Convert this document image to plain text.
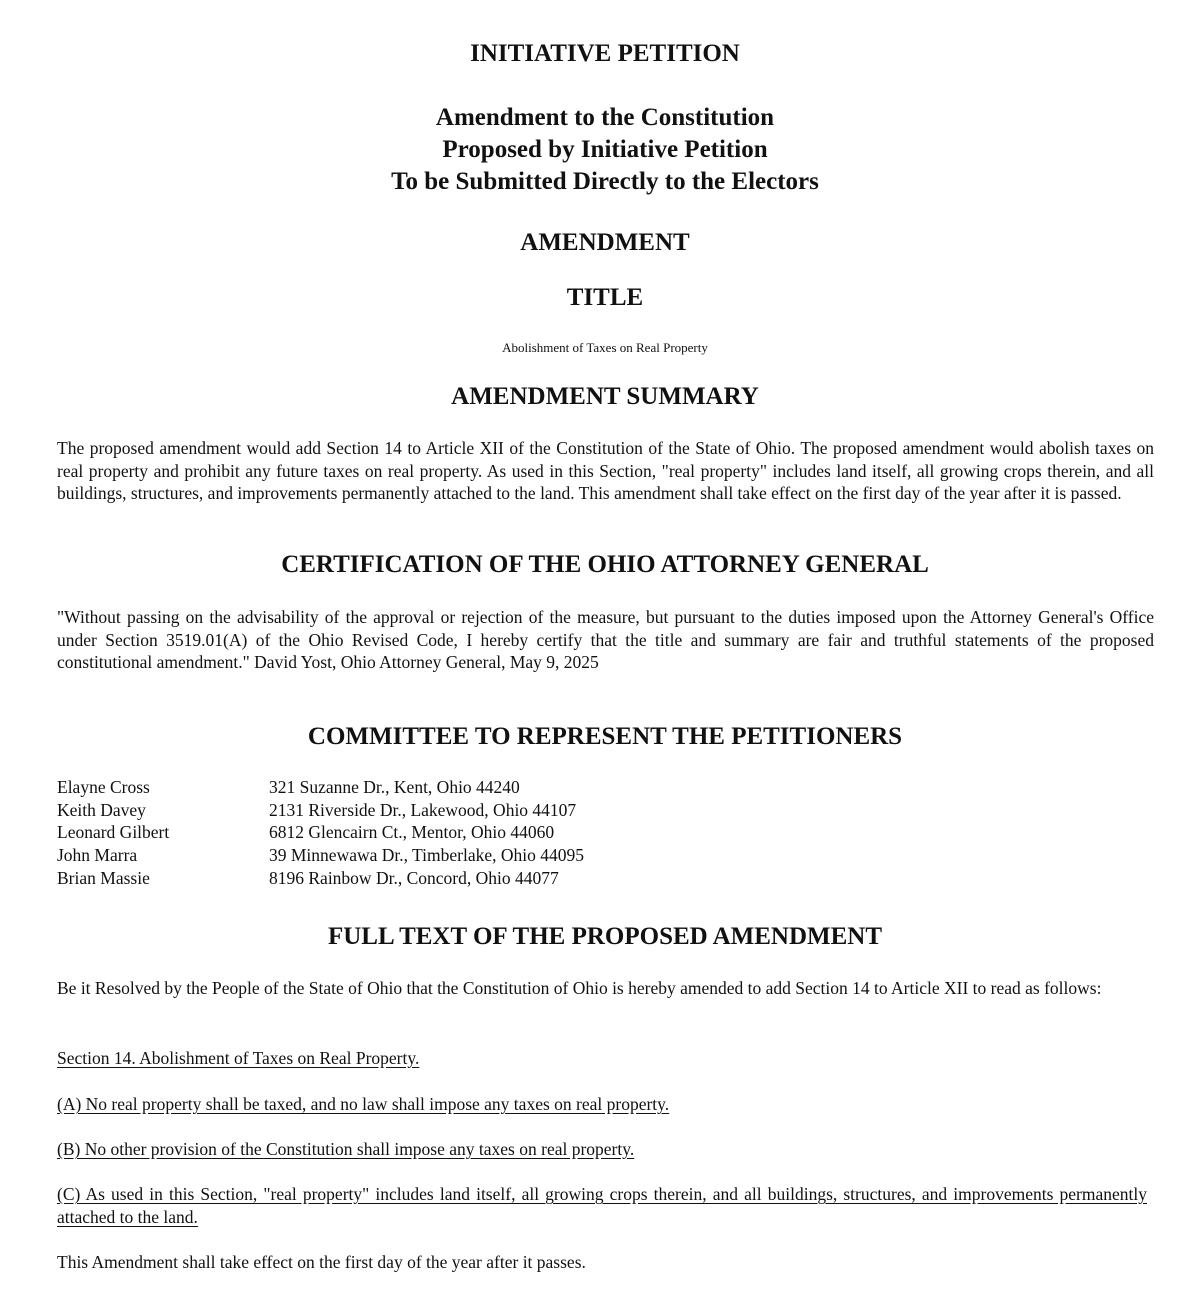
INITIATIVE PETITION
Amendment to the Constitution
Proposed by Initiative Petition
To be Submitted Directly to the Electors
AMENDMENT
TITLE
Abolishment of Taxes on Real Property
AMENDMENT SUMMARY

The proposed amendment would add Section 14 to Article XII of the Constitution of the State of Ohio. The proposed amendment would abolish taxes on real property and prohibit any future taxes on real property. As used in this Section, "real property" includes land itself, all growing crops therein, and all buildings, structures, and improvements permanently attached to the land. This amendment shall take effect on the first day of the year after it is passed.

CERTIFICATION OF THE OHIO ATTORNEY GENERAL

"Without passing on the advisability of the approval or rejection of the measure, but pursuant to the duties imposed upon the Attorney General's Office under Section 3519.01(A) of the Ohio Revised Code, I hereby certify that the title and summary are fair and truthful statements of the proposed constitutional amendment." David Yost, Ohio Attorney General, May 9, 2025

COMMITTEE TO REPRESENT THE PETITIONERS
Elayne Cross	321 Suzanne Dr., Kent, Ohio 44240
Keith Davey	2131 Riverside Dr., Lakewood, Ohio 44107
Leonard Gilbert	6812 Glencairn Ct., Mentor, Ohio 44060
John Marra	39 Minnewawa Dr., Timberlake, Ohio 44095
Brian Massie	8196 Rainbow Dr., Concord, Ohio 44077
FULL TEXT OF THE PROPOSED AMENDMENT

Be it Resolved by the People of the State of Ohio that the Constitution of Ohio is hereby amended to add Section 14 to Article XII to read as follows:

Section 14. Abolishment of Taxes on Real Property.

(A) No real property shall be taxed, and no law shall impose any taxes on real property.

(B) No other provision of the Constitution shall impose any taxes on real property.

(C) As used in this Section, "real property" includes land itself, all growing crops therein, and all buildings, structures, and improvements permanently attached to the land.

This Amendment shall take effect on the first day of the year after it passes.
